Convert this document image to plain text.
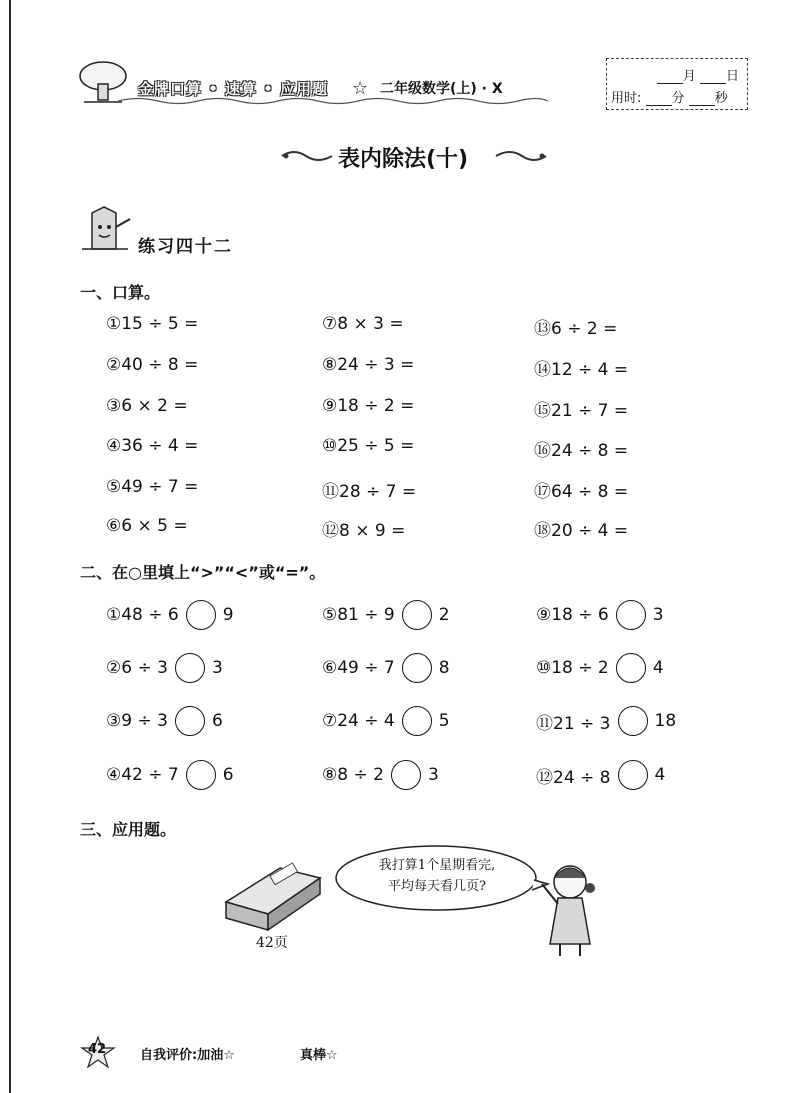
金牌口算 • 速算 • 应用题 ☆ 二年级数学(上) · X
月 日
用时: 分 秒
表内除法(十)
练习四十二
一、口算。
①15 ÷ 5 =	⑦8 × 3 =	⑬6 ÷ 2 =
②40 ÷ 8 =	⑧24 ÷ 3 =	⑭12 ÷ 4 =
③6 × 2 =	⑨18 ÷ 2 =	⑮21 ÷ 7 =
④36 ÷ 4 =	⑩25 ÷ 5 =	⑯24 ÷ 8 =
⑤49 ÷ 7 =	⑪28 ÷ 7 =	⑰64 ÷ 8 =
⑥6 × 5 =	⑫8 × 9 =	⑱20 ÷ 4 =
二、在○里填上“>”“<”或“=”。
①48 ÷ 6	9	⑤81 ÷ 9	2	⑨18 ÷ 6	3
②6 ÷ 3	3	⑥49 ÷ 7	8	⑩18 ÷ 2	4
③9 ÷ 3	6	⑦24 ÷ 4	5	⑪21 ÷ 3	18
④42 ÷ 7	6	⑧8 ÷ 2	3	⑫24 ÷ 8	4
三、应用题。
我打算1个星期看完,
平均每天看几页?
42页
42	自我评价:加油☆	真棒☆
